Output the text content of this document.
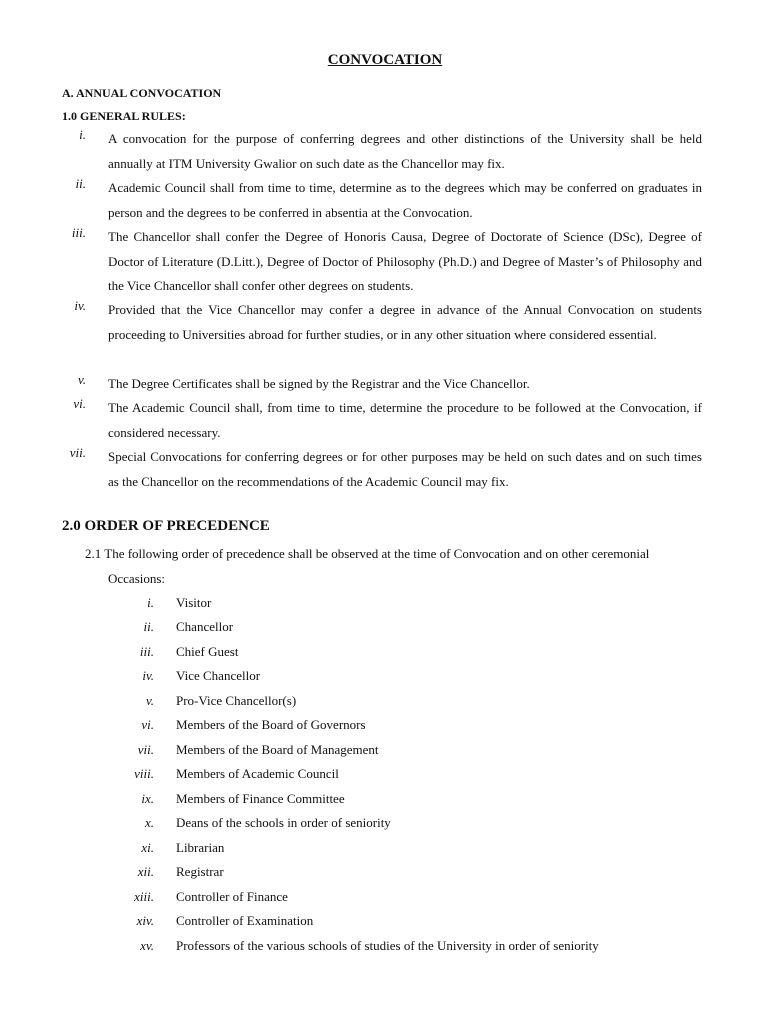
CONVOCATION
A. ANNUAL CONVOCATION
1.0 GENERAL RULES:
i. A convocation for the purpose of conferring degrees and other distinctions of the University shall be held annually at ITM University Gwalior on such date as the Chancellor may fix.
ii. Academic Council shall from time to time, determine as to the degrees which may be conferred on graduates in person and the degrees to be conferred in absentia at the Convocation.
iii. The Chancellor shall confer the Degree of Honoris Causa, Degree of Doctorate of Science (DSc), Degree of Doctor of Literature (D.Litt.), Degree of Doctor of Philosophy (Ph.D.) and Degree of Master’s of Philosophy and the Vice Chancellor shall confer other degrees on students.
iv. Provided that the Vice Chancellor may confer a degree in advance of the Annual Convocation on students proceeding to Universities abroad for further studies, or in any other situation where considered essential.
v. The Degree Certificates shall be signed by the Registrar and the Vice Chancellor.
vi. The Academic Council shall, from time to time, determine the procedure to be followed at the Convocation, if considered necessary.
vii. Special Convocations for conferring degrees or for other purposes may be held on such dates and on such times as the Chancellor on the recommendations of the Academic Council may fix.
2.0 ORDER OF PRECEDENCE
2.1 The following order of precedence shall be observed at the time of Convocation and on other ceremonial
Occasions:
i. Visitor
ii. Chancellor
iii. Chief Guest
iv. Vice Chancellor
v. Pro-Vice Chancellor(s)
vi. Members of the Board of Governors
vii. Members of the Board of Management
viii. Members of Academic Council
ix. Members of Finance Committee
x. Deans of the schools in order of seniority
xi. Librarian
xii. Registrar
xiii. Controller of Finance
xiv. Controller of Examination
xv. Professors of the various schools of studies of the University in order of seniority
